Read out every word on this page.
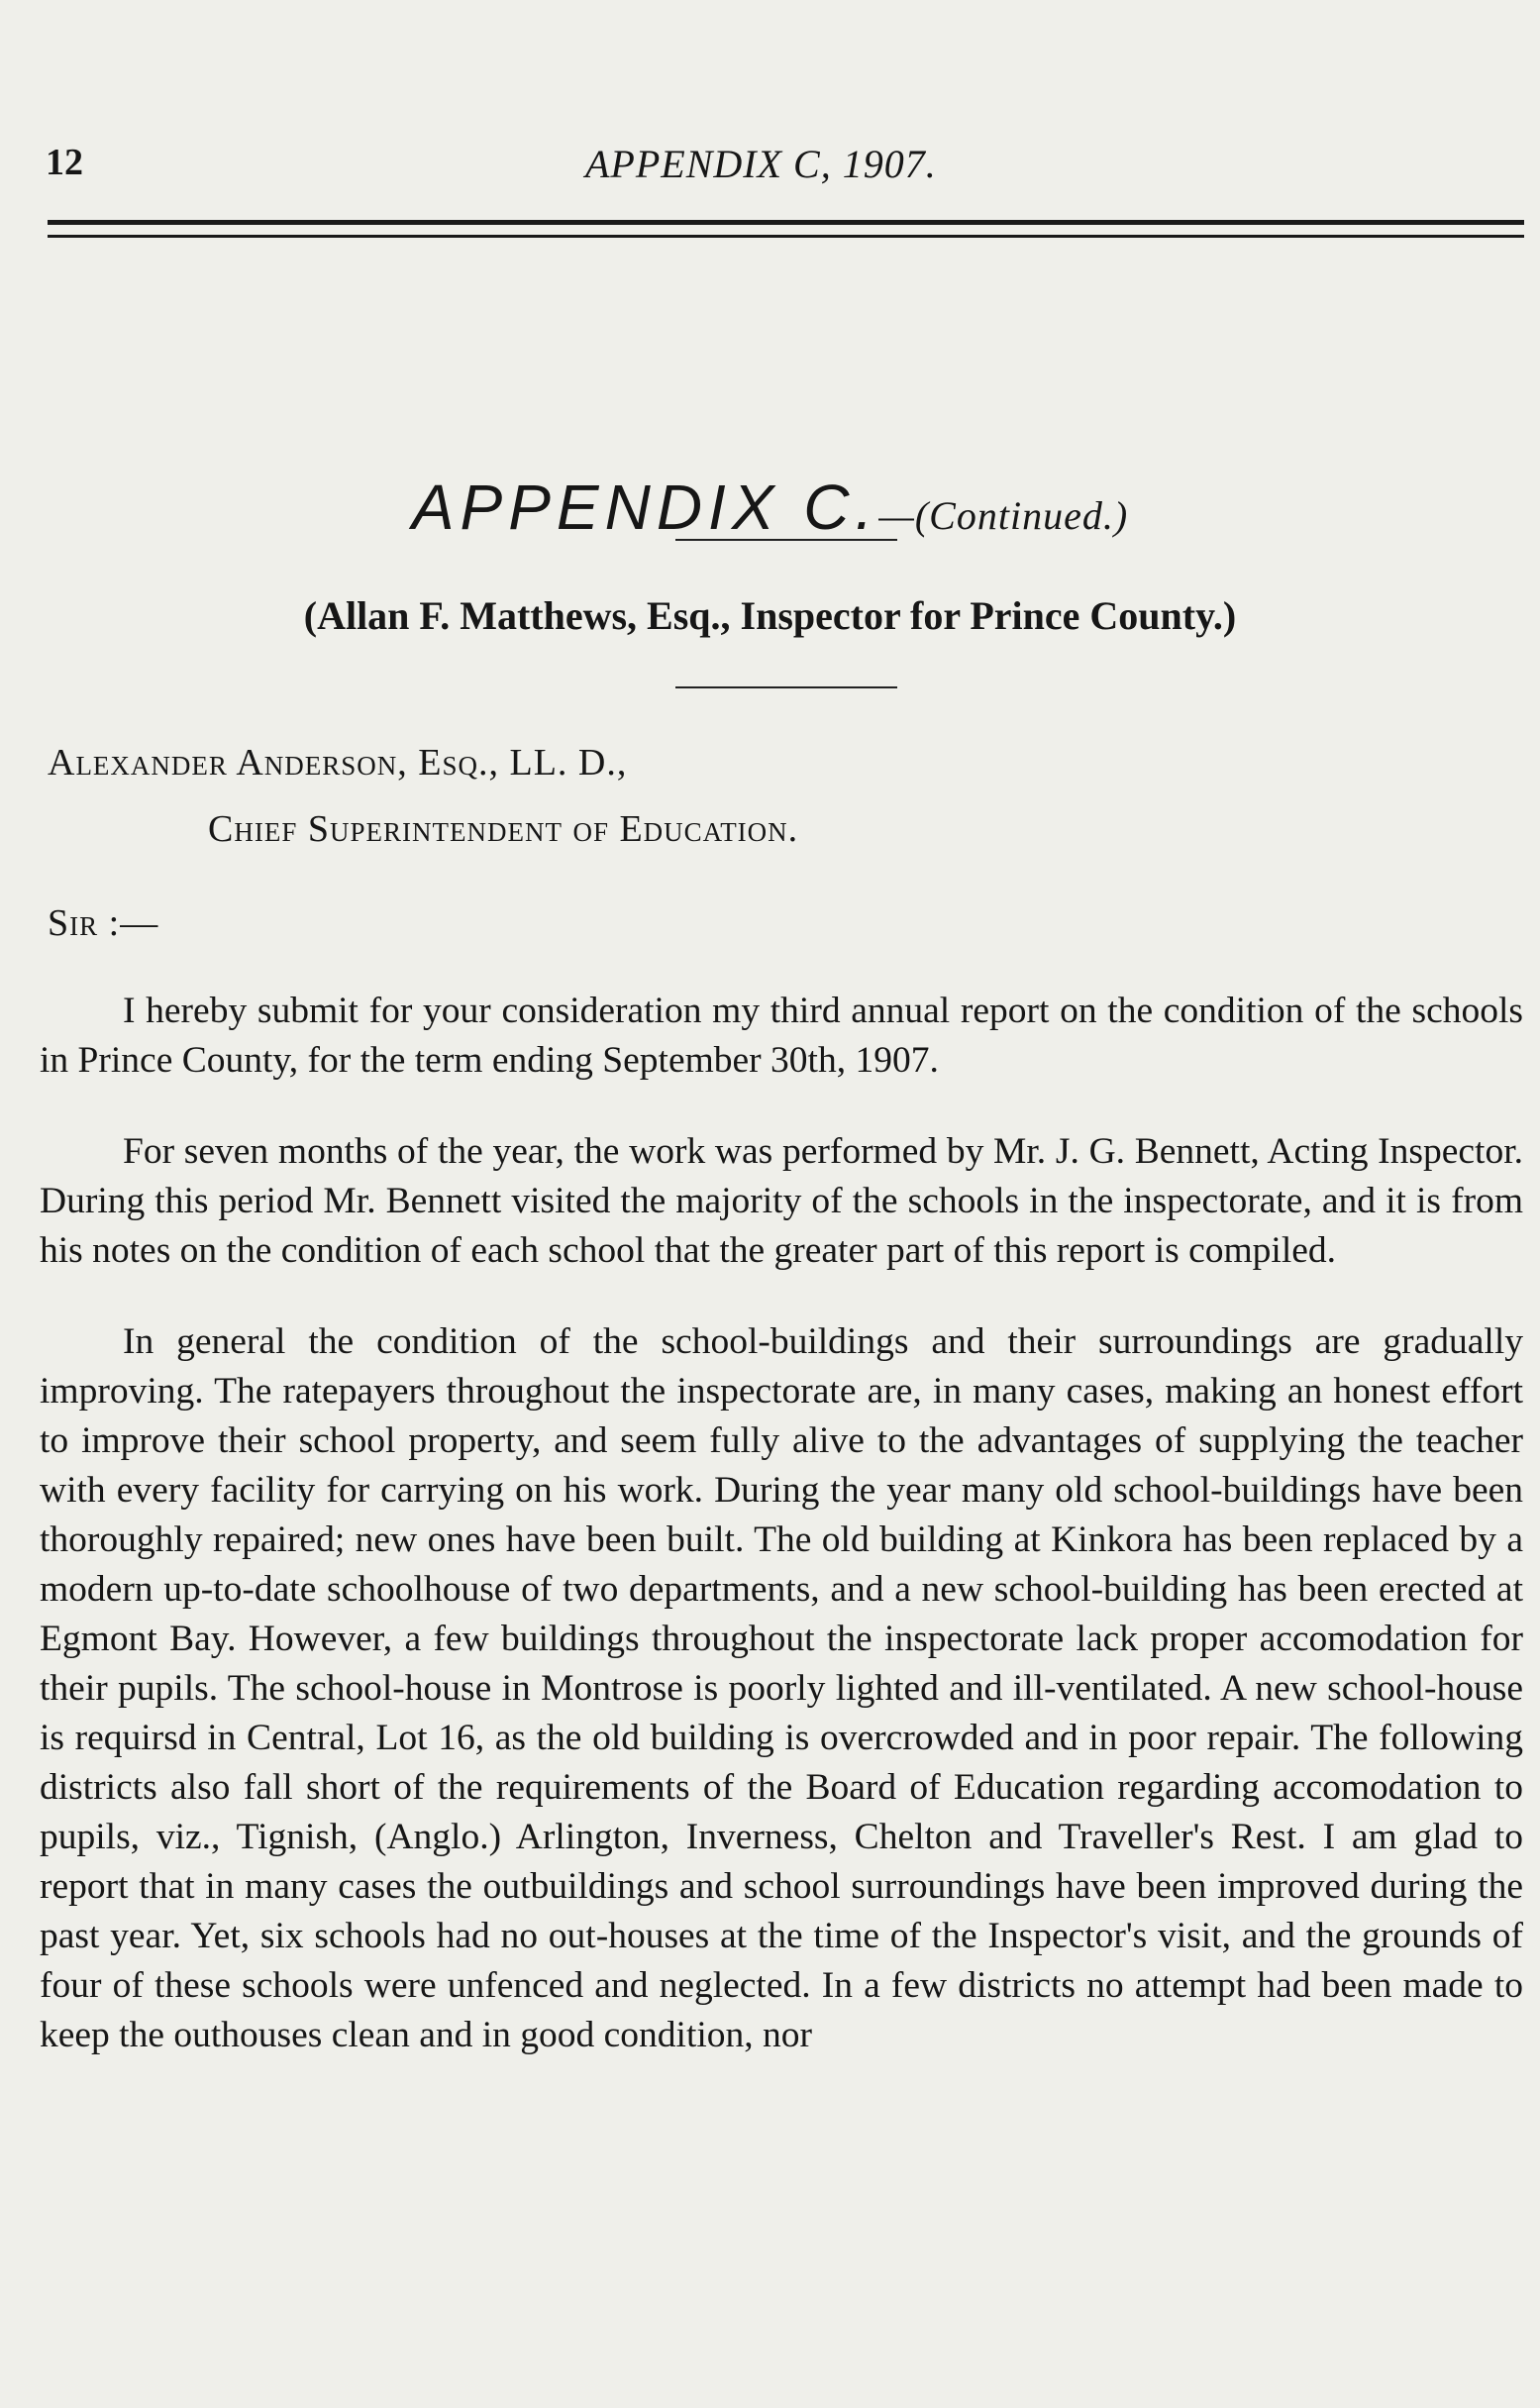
12	APPENDIX C, 1907.
APPENDIX C.—(Continued.)
(Allan F. Matthews, Esq., Inspector for Prince County.)
Alexander Anderson, Esq., LL. D.,
Chief Superintendent of Education.
Sir :—

I hereby submit for your consideration my third annual report on the condition of the schools in Prince County, for the term ending September 30th, 1907.

For seven months of the year, the work was performed by Mr. J. G. Bennett, Acting Inspector. During this period Mr. Bennett visited the majority of the schools in the inspectorate, and it is from his notes on the condition of each school that the greater part of this report is compiled.

In general the condition of the school-buildings and their surroundings are gradually improving. The ratepayers throughout the inspectorate are, in many cases, making an honest effort to improve their school property, and seem fully alive to the advantages of supplying the teacher with every facility for carrying on his work. During the year many old school-buildings have been thoroughly repaired; new ones have been built. The old building at Kinkora has been replaced by a modern up-to-date schoolhouse of two departments, and a new school-building has been erected at Egmont Bay. However, a few buildings throughout the inspectorate lack proper accomodation for their pupils. The school-house in Montrose is poorly lighted and ill-ventilated. A new school-house is requirsd in Central, Lot 16, as the old building is overcrowded and in poor repair. The following districts also fall short of the requirements of the Board of Education regarding accomodation to pupils, viz., Tignish, (Anglo.) Arlington, Inverness, Chelton and Traveller's Rest. I am glad to report that in many cases the outbuildings and school surroundings have been improved during the past year. Yet, six schools had no out-houses at the time of the Inspector's visit, and the grounds of four of these schools were unfenced and neglected. In a few districts no attempt had been made to keep the outhouses clean and in good condition, nor
